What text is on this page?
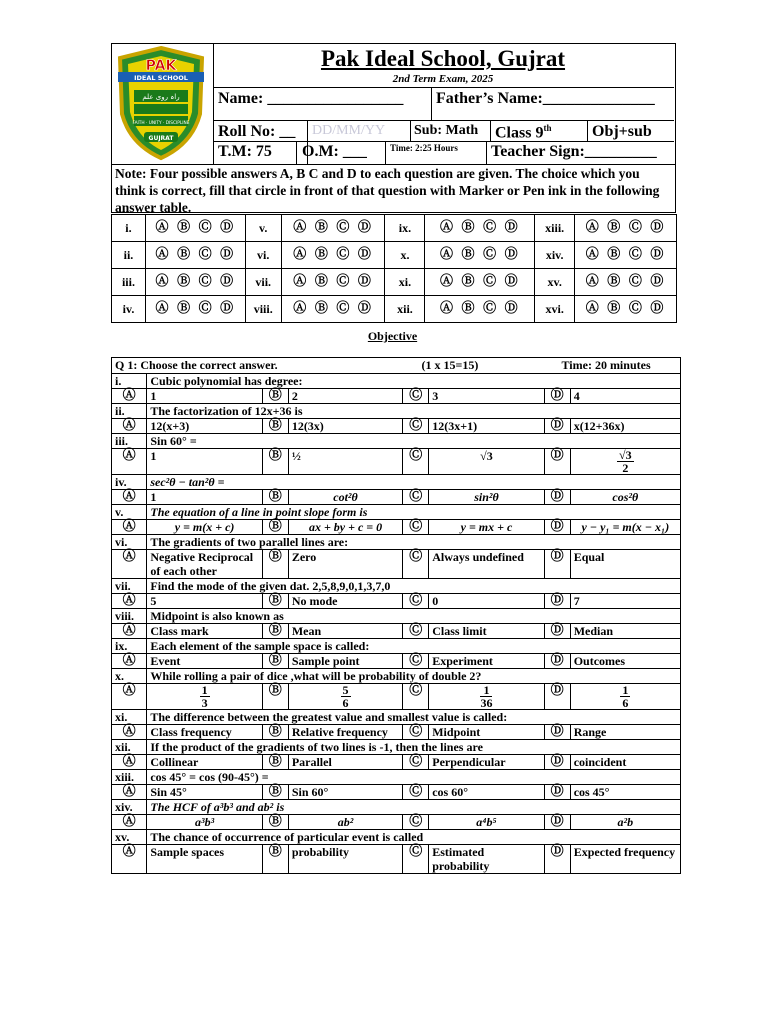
PAK
IDEAL SCHOOL
راہ روی علم
FAITH · UNITY · DISCIPLINE
GUJRAT
Pak Ideal School, Gujrat
2nd Term Exam, 2025
Name: _________________ Father’s Name:______________
Roll No: __ DD/MM/YY Sub: Math Class 9th	Obj+sub
T.M: 75 O.M: ___	Time: 2:25 Hours Teacher Sign:_________
Note: Four possible answers A, B C and D to each question are given. The choice which you think is correct, fill that circle in front of that question with Marker or Pen ink in the following answer table.
i.	Ⓐ Ⓑ Ⓒ Ⓓ	v.	Ⓐ Ⓑ Ⓒ Ⓓ	ix.	Ⓐ Ⓑ Ⓒ Ⓓ	xiii.	Ⓐ Ⓑ Ⓒ Ⓓ
ii.	Ⓐ Ⓑ Ⓒ Ⓓ	vi.	Ⓐ Ⓑ Ⓒ Ⓓ	x.	Ⓐ Ⓑ Ⓒ Ⓓ	xiv.	Ⓐ Ⓑ Ⓒ Ⓓ
iii.	Ⓐ Ⓑ Ⓒ Ⓓ	vii.	Ⓐ Ⓑ Ⓒ Ⓓ	xi.	Ⓐ Ⓑ Ⓒ Ⓓ	xv.	Ⓐ Ⓑ Ⓒ Ⓓ
iv.	Ⓐ Ⓑ Ⓒ Ⓓ	viii.	Ⓐ Ⓑ Ⓒ Ⓓ	xii.	Ⓐ Ⓑ Ⓒ Ⓓ	xvi.	Ⓐ Ⓑ Ⓒ Ⓓ
Objective
Q 1: Choose the correct answer. (1 x 15=15) Time: 20 minutes							

i.	Cubic polynomial has degree:						
Ⓐ	1	Ⓑ	2	Ⓒ	3	Ⓓ	4
ii.	The factorization of 12x+36 is						
Ⓐ	12(x+3)	Ⓑ	12(3x)	Ⓒ	12(3x+1)	Ⓓ	x(12+36x)
iii.	Sin 60° =						
Ⓐ	1	Ⓑ	½	Ⓒ	√3	Ⓓ	$\frac{√3}{2}$

iv.	sec²θ − tan²θ =						
Ⓐ	1	Ⓑ	cot²θ	Ⓒ	sin²θ	Ⓓ	cos²θ
v.	The equation of a line in point slope form is						
Ⓐ	y = m(x + c)	Ⓑ	ax + by + c = 0	Ⓒ	y = mx + c	Ⓓ	y − y₁ = m(x − x₁)
vi.	The gradients of two parallel lines are:						
Ⓐ	Negative Reciprocal of each other	Ⓑ	Zero	Ⓒ	Always undefined	Ⓓ	Equal
vii.	Find the mode of the given dat. 2,5,8,9,0,1,3,7,0						
Ⓐ	5	Ⓑ	No mode	Ⓒ	0	Ⓓ	7
viii.	Midpoint is also known as						
Ⓐ	Class mark	Ⓑ	Mean	Ⓒ	Class limit	Ⓓ	Median
ix.	Each element of the sample space is called:						
Ⓐ	Event	Ⓑ	Sample point	Ⓒ	Experiment	Ⓓ	Outcomes
x.	While rolling a pair of dice ,what will be probability of double 2?						
Ⓐ	$\frac{1}{3}$	Ⓑ	$\frac{5}{6}$	Ⓒ	$\frac{1}{36}$	Ⓓ	$\frac{1}{6}$

xi.	The difference between the greatest value and smallest value is called:						
Ⓐ	Class frequency	Ⓑ	Relative frequency	Ⓒ	Midpoint	Ⓓ	Range
xii.	If the product of the gradients of two lines is -1, then the lines are						
Ⓐ	Collinear	Ⓑ	Parallel	Ⓒ	Perpendicular	Ⓓ	coincident
xiii.	cos 45° = cos (90-45°) =						
Ⓐ	Sin 45°	Ⓑ	Sin 60°	Ⓒ	cos 60°	Ⓓ	cos 45°
xiv.	The HCF of a³b³ and ab² is						
Ⓐ	a³b³	Ⓑ	ab²	Ⓒ	a⁴b⁵	Ⓓ	a²b
xv.	The chance of occurrence of particular event is called						
Ⓐ	Sample spaces	Ⓑ	probability	Ⓒ	Estimated probability	Ⓓ	Expected frequency
